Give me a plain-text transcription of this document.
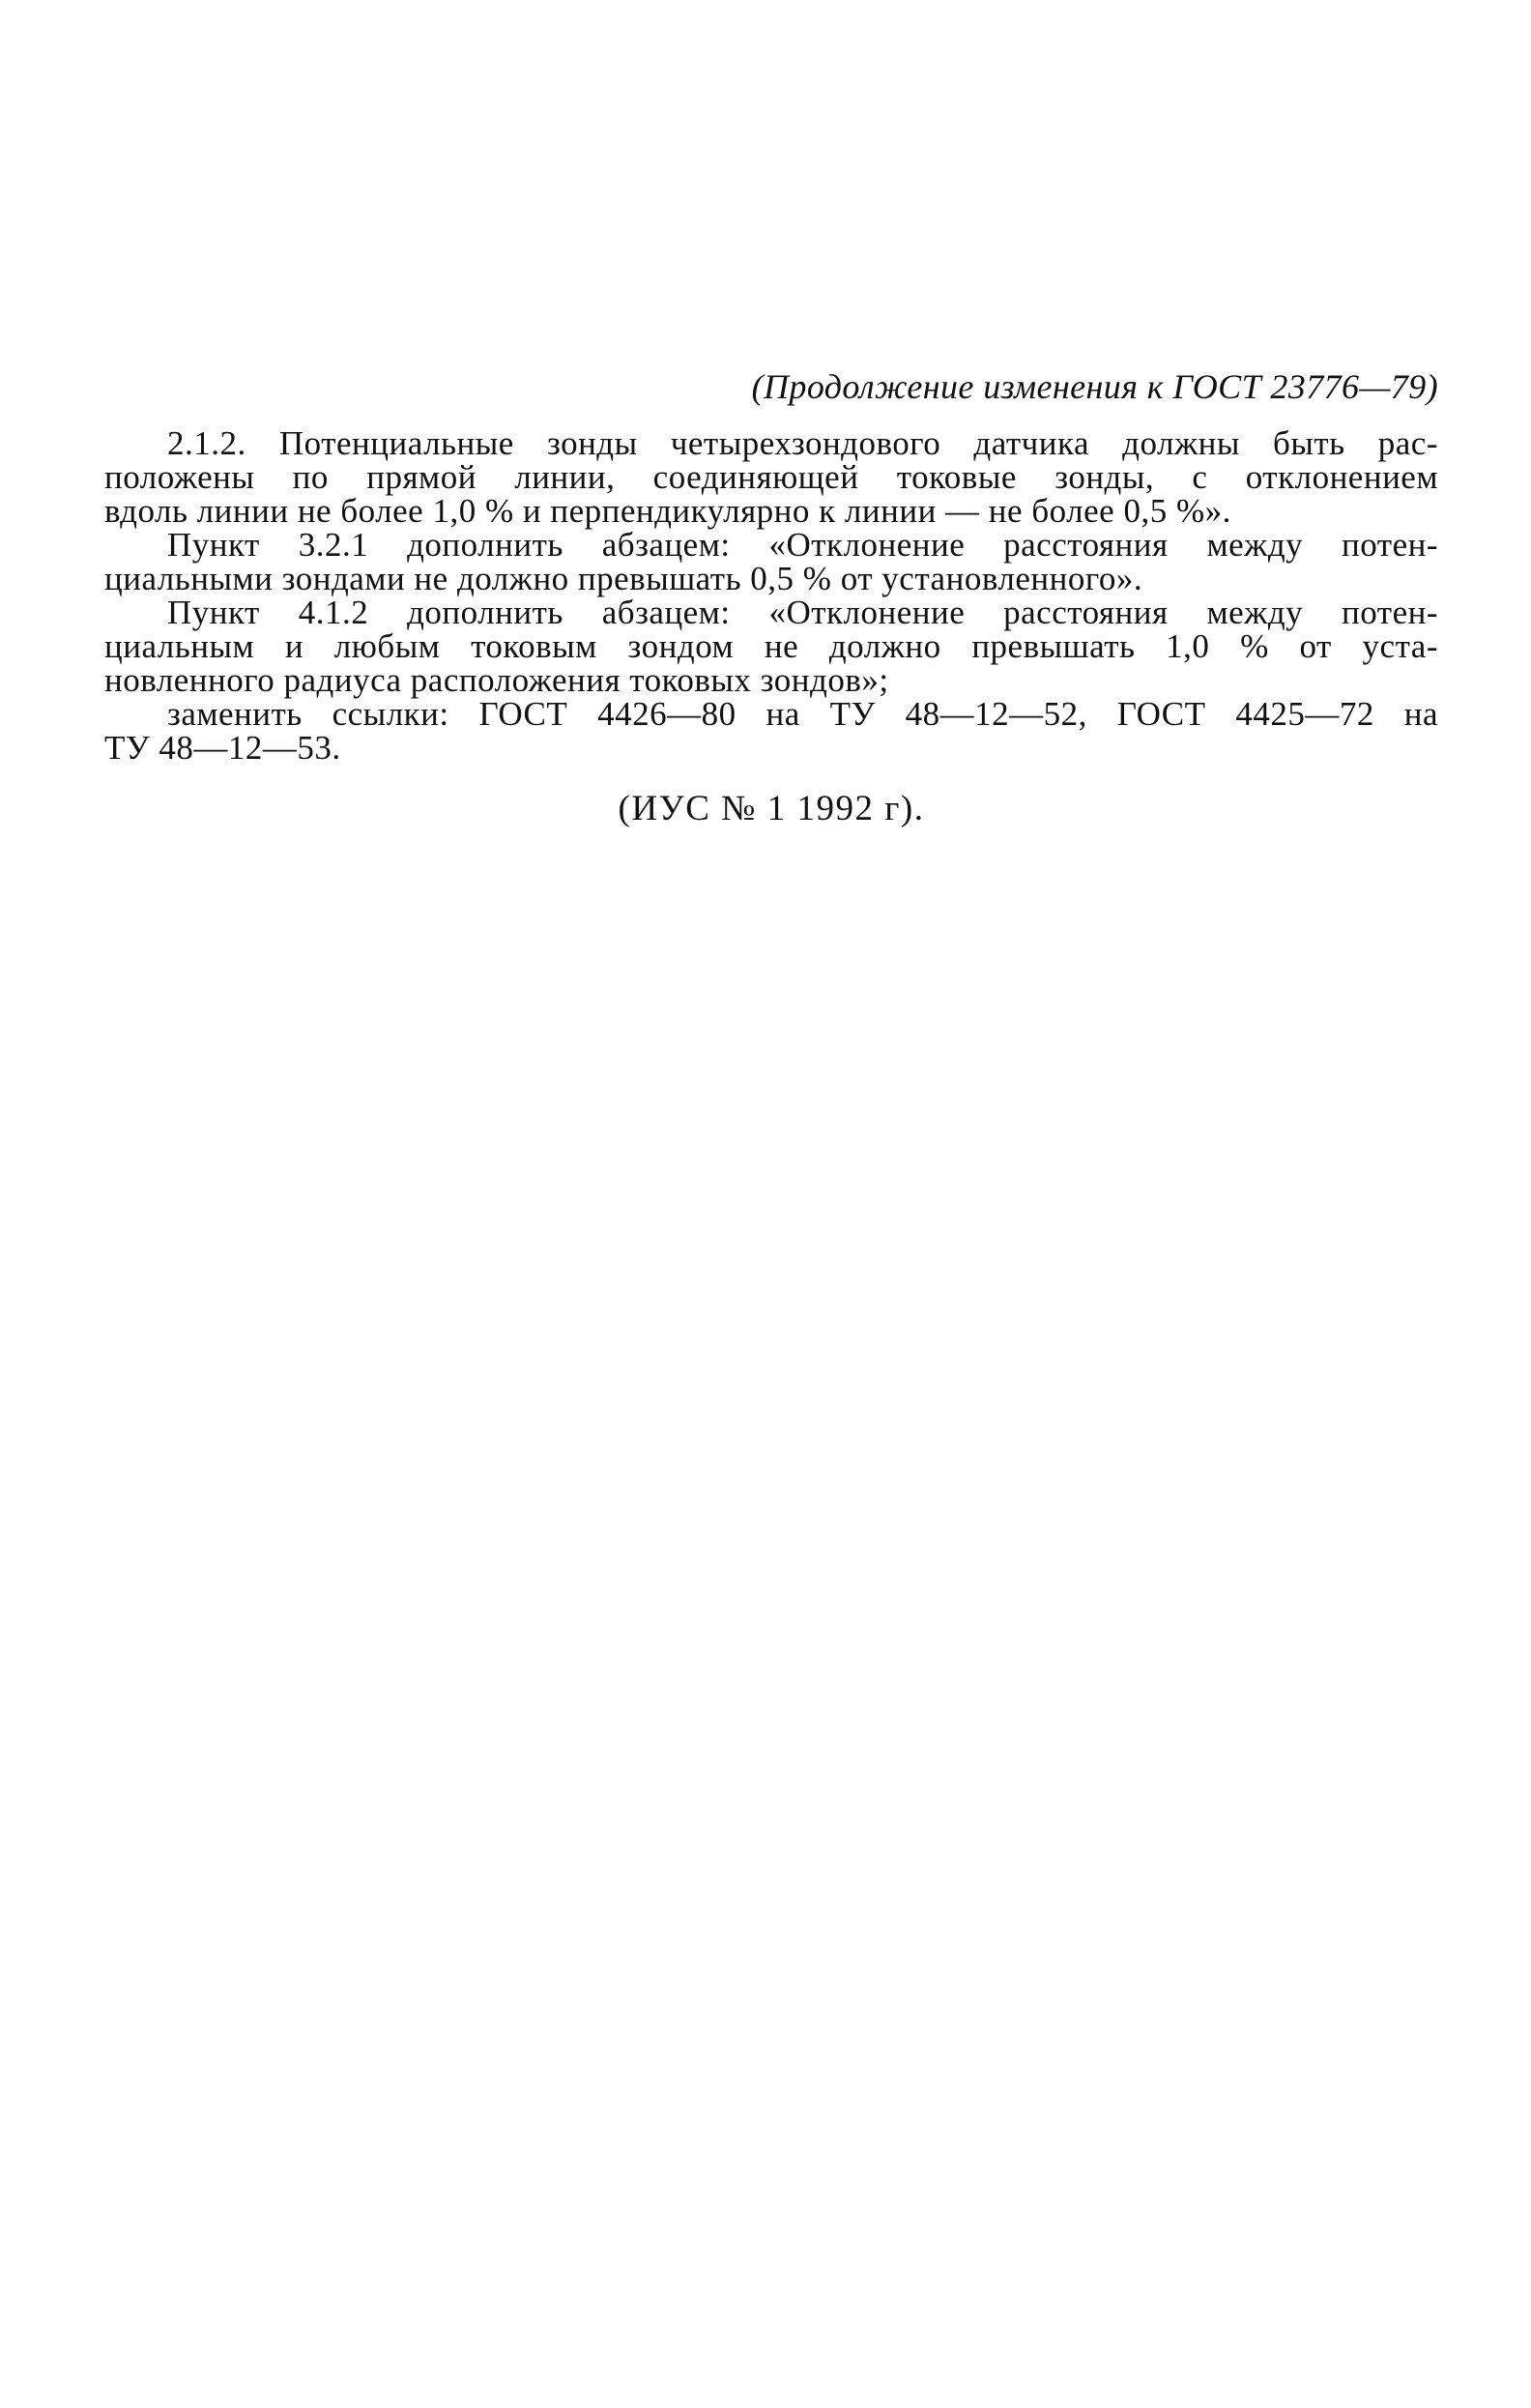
(Продолжение изменения к ГОСТ 23776—79)
2.1.2. Потенциальные зонды четырехзондового датчика должны быть рас-
положены по прямой линии, соединяющей токовые зонды, с отклонением
вдоль линии не более 1,0 % и перпендикулярно к линии — не более 0,5 %».
Пункт 3.2.1 дополнить абзацем: «Отклонение расстояния между потен-
циальными зондами не должно превышать 0,5 % от установленного».
Пункт 4.1.2 дополнить абзацем: «Отклонение расстояния между потен-
циальным и любым токовым зондом не должно превышать 1,0 % от уста-
новленного радиуса расположения токовых зондов»;
заменить ссылки: ГОСТ 4426—80 на ТУ 48—12—52, ГОСТ 4425—72 на
ТУ 48—12—53.
(ИУС № 1 1992 г).
